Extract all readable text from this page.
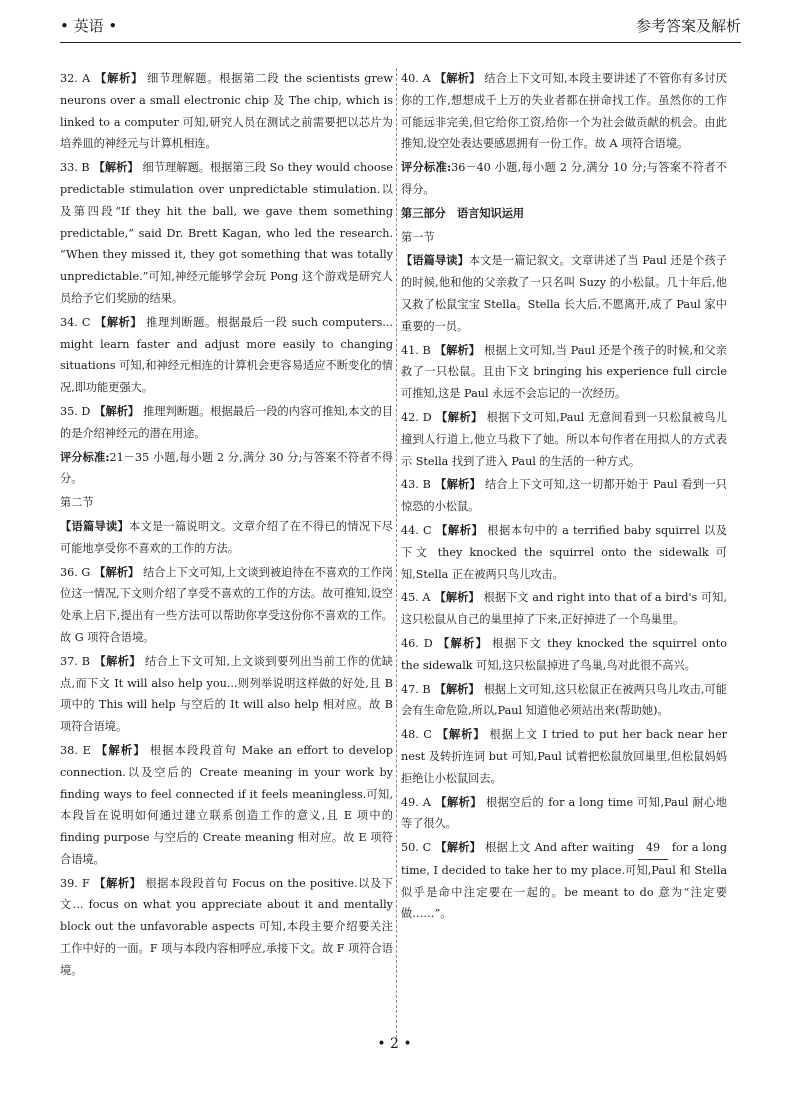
• 英语 •	参考答案及解析
32. A 【解析】 细节理解题。根据第二段 the scientists grew neurons over a small electronic chip 及 The chip, which is linked to a computer 可知,研究人员在测试之前需要把以芯片为培养皿的神经元与计算机相连。
33. B 【解析】 细节理解题。根据第三段 So they would choose predictable stimulation over unpredictable stimulation.以及第四段“If they hit the ball, we gave them something predictable,” said Dr. Brett Kagan, who led the research. “When they missed it, they got something that was totally unpredictable.”可知,神经元能够学会玩 Pong 这个游戏是研究人员给予它们奖励的结果。
34. C 【解析】 推理判断题。根据最后一段 such computers... might learn faster and adjust more easily to changing situations 可知,和神经元相连的计算机会更容易适应不断变化的情况,即功能更强大。
35. D 【解析】 推理判断题。根据最后一段的内容可推知,本文的目的是介绍神经元的潜在用途。
评分标准:21－35 小题,每小题 2 分,满分 30 分;与答案不符者不得分。
第二节
【语篇导读】本文是一篇说明文。文章介绍了在不得已的情况下尽可能地享受你不喜欢的工作的方法。
36. G 【解析】 结合上下文可知,上文谈到被迫待在不喜欢的工作岗位这一情况,下文则介绍了享受不喜欢的工作的方法。故可推知,设空处承上启下,提出有一些方法可以帮助你享受这份你不喜欢的工作。故 G 项符合语境。
37. B 【解析】 结合上下文可知,上文谈到要列出当前工作的优缺点,而下文 It will also help you...则列举说明这样做的好处,且 B 项中的 This will help 与空后的 It will also help 相对应。故 B 项符合语境。
38. E 【解析】 根据本段段首句 Make an effort to develop connection.以及空后的 Create meaning in your work by finding ways to feel connected if it feels meaningless.可知,本段旨在说明如何通过建立联系创造工作的意义,且 E 项中的 finding purpose 与空后的 Create meaning 相对应。故 E 项符合语境。
39. F 【解析】 根据本段段首句 Focus on the positive.以及下文... focus on what you appreciate about it and mentally block out the unfavorable aspects 可知,本段主要介绍要关注工作中好的一面。F 项与本段内容相呼应,承接下文。故 F 项符合语境。
40. A 【解析】 结合上下文可知,本段主要讲述了不管你有多讨厌你的工作,想想成千上万的失业者都在拼命找工作。虽然你的工作可能远非完美,但它给你工资,给你一个为社会做贡献的机会。由此推知,设空处表达要感恩拥有一份工作。故 A 项符合语境。
评分标准:36－40 小题,每小题 2 分,满分 10 分;与答案不符者不得分。
第三部分　语言知识运用
第一节
【语篇导读】本文是一篇记叙文。文章讲述了当 Paul 还是个孩子的时候,他和他的父亲救了一只名叫 Suzy 的小松鼠。几十年后,他又救了松鼠宝宝 Stella。Stella 长大后,不愿离开,成了 Paul 家中重要的一员。
41. B 【解析】 根据上文可知,当 Paul 还是个孩子的时候,和父亲救了一只松鼠。且由下文 bringing his experience full circle 可推知,这是 Paul 永远不会忘记的一次经历。
42. D 【解析】 根据下文可知,Paul 无意间看到一只松鼠被鸟儿撞到人行道上,他立马救下了她。所以本句作者在用拟人的方式表示 Stella 找到了进入 Paul 的生活的一种方式。
43. B 【解析】 结合上下文可知,这一切都开始于 Paul 看到一只惊恐的小松鼠。
44. C 【解析】 根据本句中的 a terrified baby squirrel 以及下文 they knocked the squirrel onto the sidewalk 可知,Stella 正在被两只鸟儿攻击。
45. A 【解析】 根据下文 and right into that of a bird's 可知,这只松鼠从自己的巢里掉了下来,正好掉进了一个鸟巢里。
46. D 【解析】 根据下文 they knocked the squirrel onto the sidewalk 可知,这只松鼠掉进了鸟巢,鸟对此很不高兴。
47. B 【解析】 根据上文可知,这只松鼠正在被两只鸟儿攻击,可能会有生命危险,所以,Paul 知道他必须站出来(帮助她)。
48. C 【解析】 根据上文 I tried to put her back near her nest 及转折连词 but 可知,Paul 试着把松鼠放回巢里,但松鼠妈妈拒绝让小松鼠回去。
49. A 【解析】 根据空后的 for a long time 可知,Paul 耐心地等了很久。
50. C 【解析】 根据上文 And after waiting 49 for a long time, I decided to take her to my place.可知,Paul 和 Stella 似乎是命中注定要在一起的。be meant to do 意为“注定要做……”。
• 2 •
